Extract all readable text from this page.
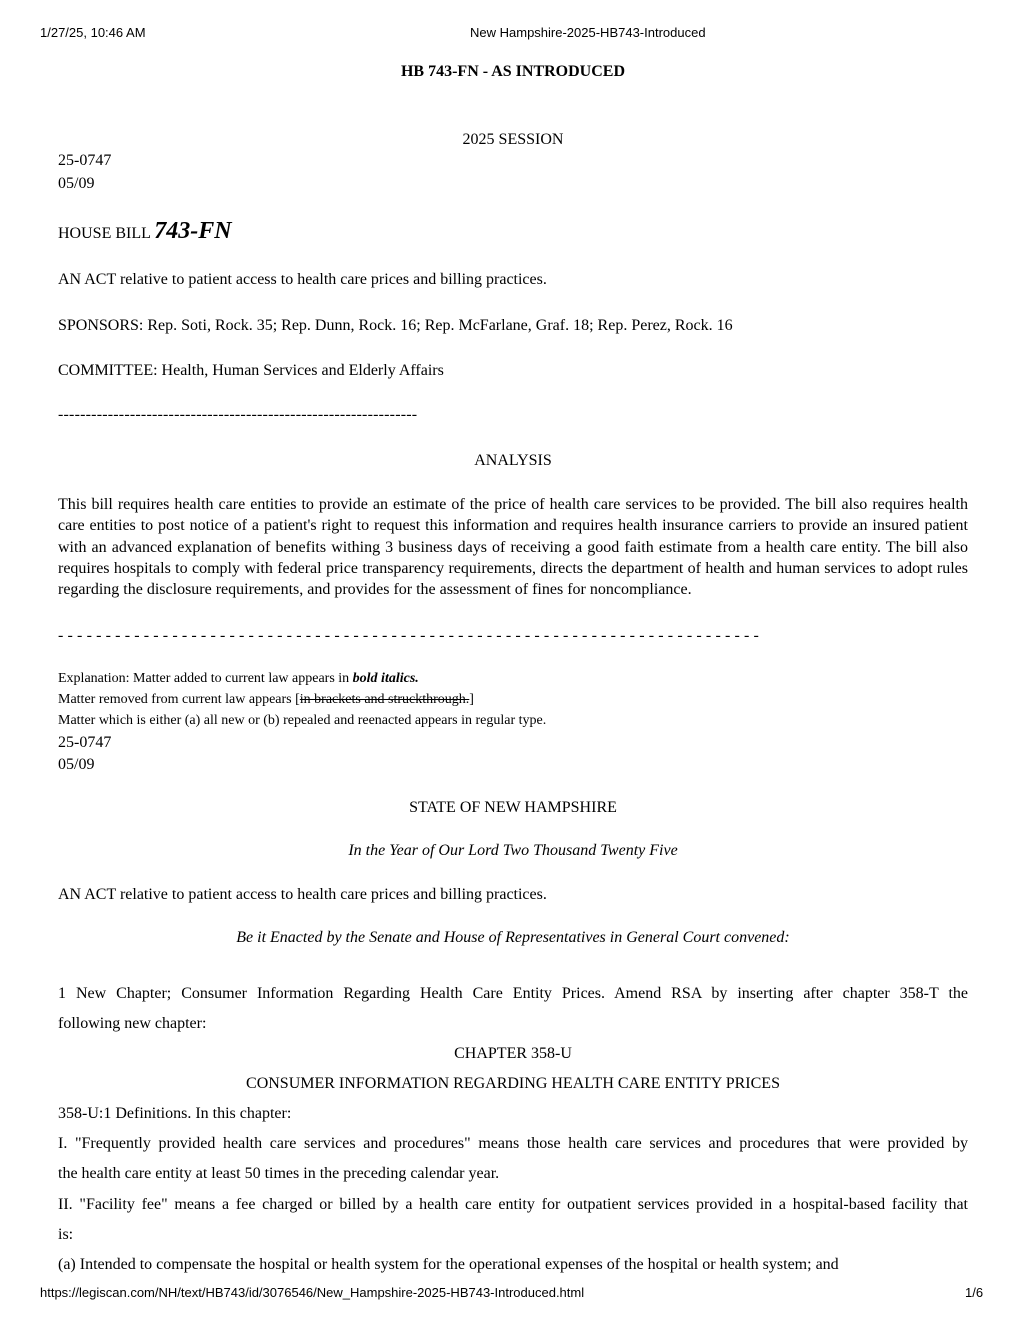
1/27/25, 10:46 AM	New Hampshire-2025-HB743-Introduced
HB 743-FN - AS INTRODUCED
2025 SESSION
25-0747
05/09
HOUSE BILL 743-FN
AN ACT relative to patient access to health care prices and billing practices.
SPONSORS: Rep. Soti, Rock. 35; Rep. Dunn, Rock. 16; Rep. McFarlane, Graf. 18; Rep. Perez, Rock. 16
COMMITTEE: Health, Human Services and Elderly Affairs
-----------------------------------------------------------------
ANALYSIS
This bill requires health care entities to provide an estimate of the price of health care services to be provided. The bill also requires health care entities to post notice of a patient's right to request this information and requires health insurance carriers to provide an insured patient with an advanced explanation of benefits withing 3 business days of receiving a good faith estimate from a health care entity. The bill also requires hospitals to comply with federal price transparency requirements, directs the department of health and human services to adopt rules regarding the disclosure requirements, and provides for the assessment of fines for noncompliance.
- - - - - - - - - - - - - - - - - - - - - - - - - - - - - - - - - - - - - - - - - - - - - - - - - - - - - - - - - - - - - - - - - - - - - - - - - -
Explanation: Matter added to current law appears in bold italics.
Matter removed from current law appears [in brackets and struckthrough.]
Matter which is either (a) all new or (b) repealed and reenacted appears in regular type.
25-0747
05/09
STATE OF NEW HAMPSHIRE
In the Year of Our Lord Two Thousand Twenty Five
AN ACT relative to patient access to health care prices and billing practices.
Be it Enacted by the Senate and House of Representatives in General Court convened:
1 New Chapter; Consumer Information Regarding Health Care Entity Prices. Amend RSA by inserting after chapter 358-T the
following new chapter:
CHAPTER 358-U
CONSUMER INFORMATION REGARDING HEALTH CARE ENTITY PRICES
358-U:1 Definitions. In this chapter:
I. "Frequently provided health care services and procedures" means those health care services and procedures that were provided by
the health care entity at least 50 times in the preceding calendar year.
II. "Facility fee" means a fee charged or billed by a health care entity for outpatient services provided in a hospital-based facility that
is:
(a) Intended to compensate the hospital or health system for the operational expenses of the hospital or health system; and
https://legiscan.com/NH/text/HB743/id/3076546/New_Hampshire-2025-HB743-Introduced.html	1/6
